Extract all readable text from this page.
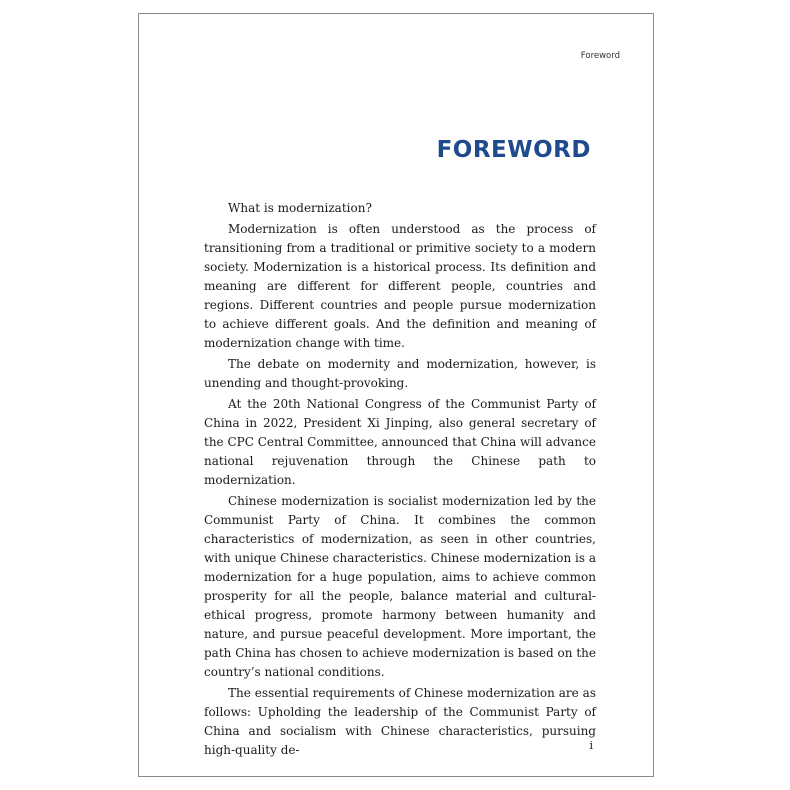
Foreword
FOREWORD

What is modernization?

Modernization is often understood as the process of transitioning from a traditional or primitive society to a modern society. Modernization is a historical process. Its definition and meaning are different for different people, countries and regions. Different countries and people pursue modernization to achieve different goals. And the definition and meaning of modernization change with time.

The debate on modernity and modernization, however, is unending and thought-provoking.

At the 20th National Congress of the Communist Party of China in 2022, President Xi Jinping, also general secretary of the CPC Central Committee, announced that China will advance national rejuvenation through the Chinese path to modernization.

Chinese modernization is socialist modernization led by the Communist Party of China. It combines the common characteristics of modernization, as seen in other countries, with unique Chinese characteristics. Chinese modernization is a modernization for a huge population, aims to achieve common prosperity for all the people, balance material and cultural-ethical progress, promote harmony between humanity and nature, and pursue peaceful development. More important, the path China has chosen to achieve modernization is based on the country’s national conditions.

The essential requirements of Chinese modernization are as follows: Upholding the leadership of the Communist Party of China and socialism with Chinese characteristics, pursuing high-quality de-	i
